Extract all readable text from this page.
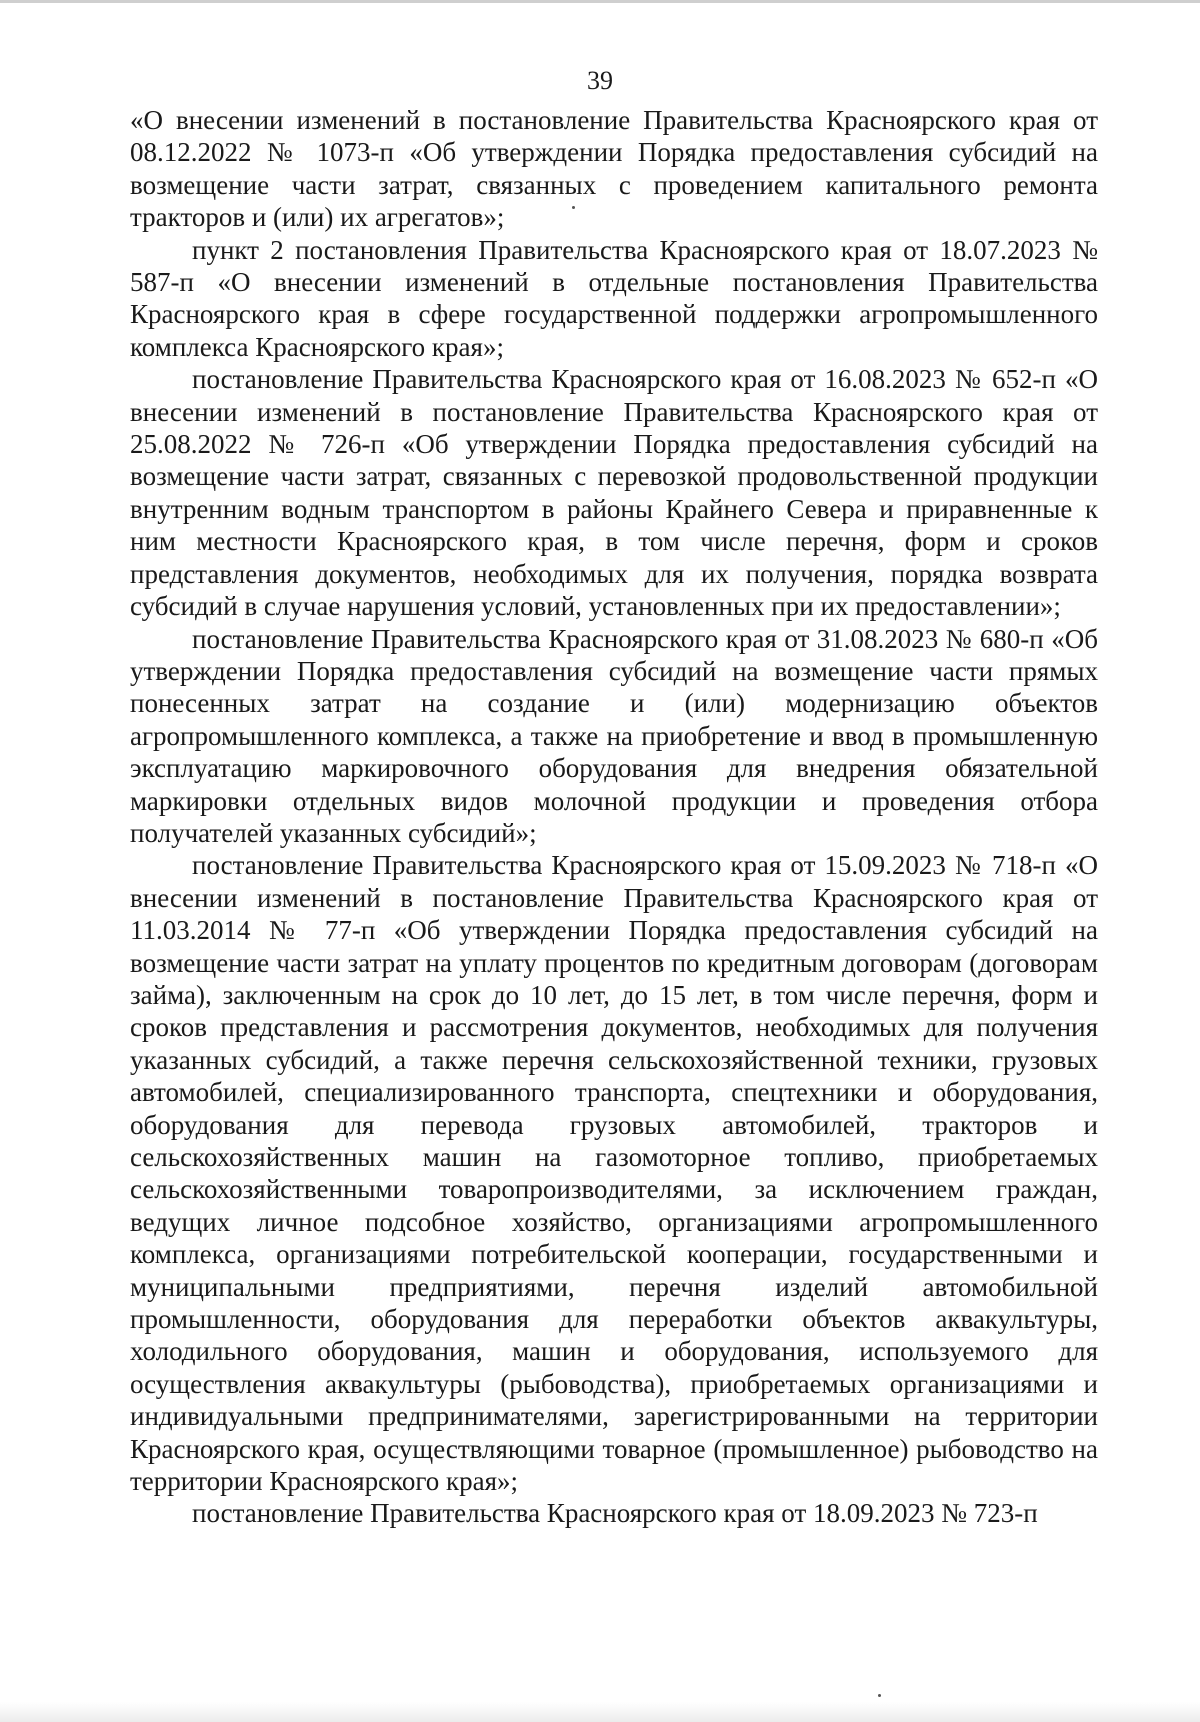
39

«О внесении изменений в постановление Правительства Красноярского края от 08.12.2022 № 1073-п «Об утверждении Порядка предоставления субсидий на возмещение части затрат, связанных с проведением капитального ремонта тракторов и (или) их агрегатов»;

пункт 2 постановления Правительства Красноярского края от 18.07.2023 № 587-п «О внесении изменений в отдельные постановления Правительства Красноярского края в сфере государственной поддержки агропромышленного комплекса Красноярского края»;

постановление Правительства Красноярского края от 16.08.2023 № 652-п «О внесении изменений в постановление Правительства Красноярского края от 25.08.2022 № 726-п «Об утверждении Порядка предоставления субсидий на возмещение части затрат, связанных с перевозкой продовольственной продукции внутренним водным транспортом в районы Крайнего Севера и приравненные к ним местности Красноярского края, в том числе перечня, форм и сроков представления документов, необходимых для их получения, порядка возврата субсидий в случае нарушения условий, установленных при их предоставлении»;

постановление Правительства Красноярского края от 31.08.2023 № 680-п «Об утверждении Порядка предоставления субсидий на возмещение части прямых понесенных затрат на создание и (или) модернизацию объектов агропромышленного комплекса, а также на приобретение и ввод в промышленную эксплуатацию маркировочного оборудования для внедрения обязательной маркировки отдельных видов молочной продукции и проведения отбора получателей указанных субсидий»;

постановление Правительства Красноярского края от 15.09.2023 № 718-п «О внесении изменений в постановление Правительства Красноярского края от 11.03.2014 № 77-п «Об утверждении Порядка предоставления субсидий на возмещение части затрат на уплату процентов по кредитным договорам (договорам займа), заключенным на срок до 10 лет, до 15 лет, в том числе перечня, форм и сроков представления и рассмотрения документов, необходимых для получения указанных субсидий, а также перечня сельскохозяйственной техники, грузовых автомобилей, специализированного транспорта, спецтехники и оборудования, оборудования для перевода грузовых автомобилей, тракторов и сельскохозяйственных машин на газомоторное топливо, приобретаемых сельскохозяйственными товаропроизводителями, за исключением граждан, ведущих личное подсобное хозяйство, организациями агропромышленного комплекса, организациями потребительской кооперации, государственными и муниципальными предприятиями, перечня изделий автомобильной промышленности, оборудования для переработки объектов аквакультуры, холодильного оборудования, машин и оборудования, используемого для осуществления аквакультуры (рыбоводства), приобретаемых организациями и индивидуальными предпринимателями, зарегистрированными на территории Красноярского края, осуществляющими товарное (промышленное) рыбоводство на территории Красноярского края»;

постановление Правительства Красноярского края от 18.09.2023 № 723-п
